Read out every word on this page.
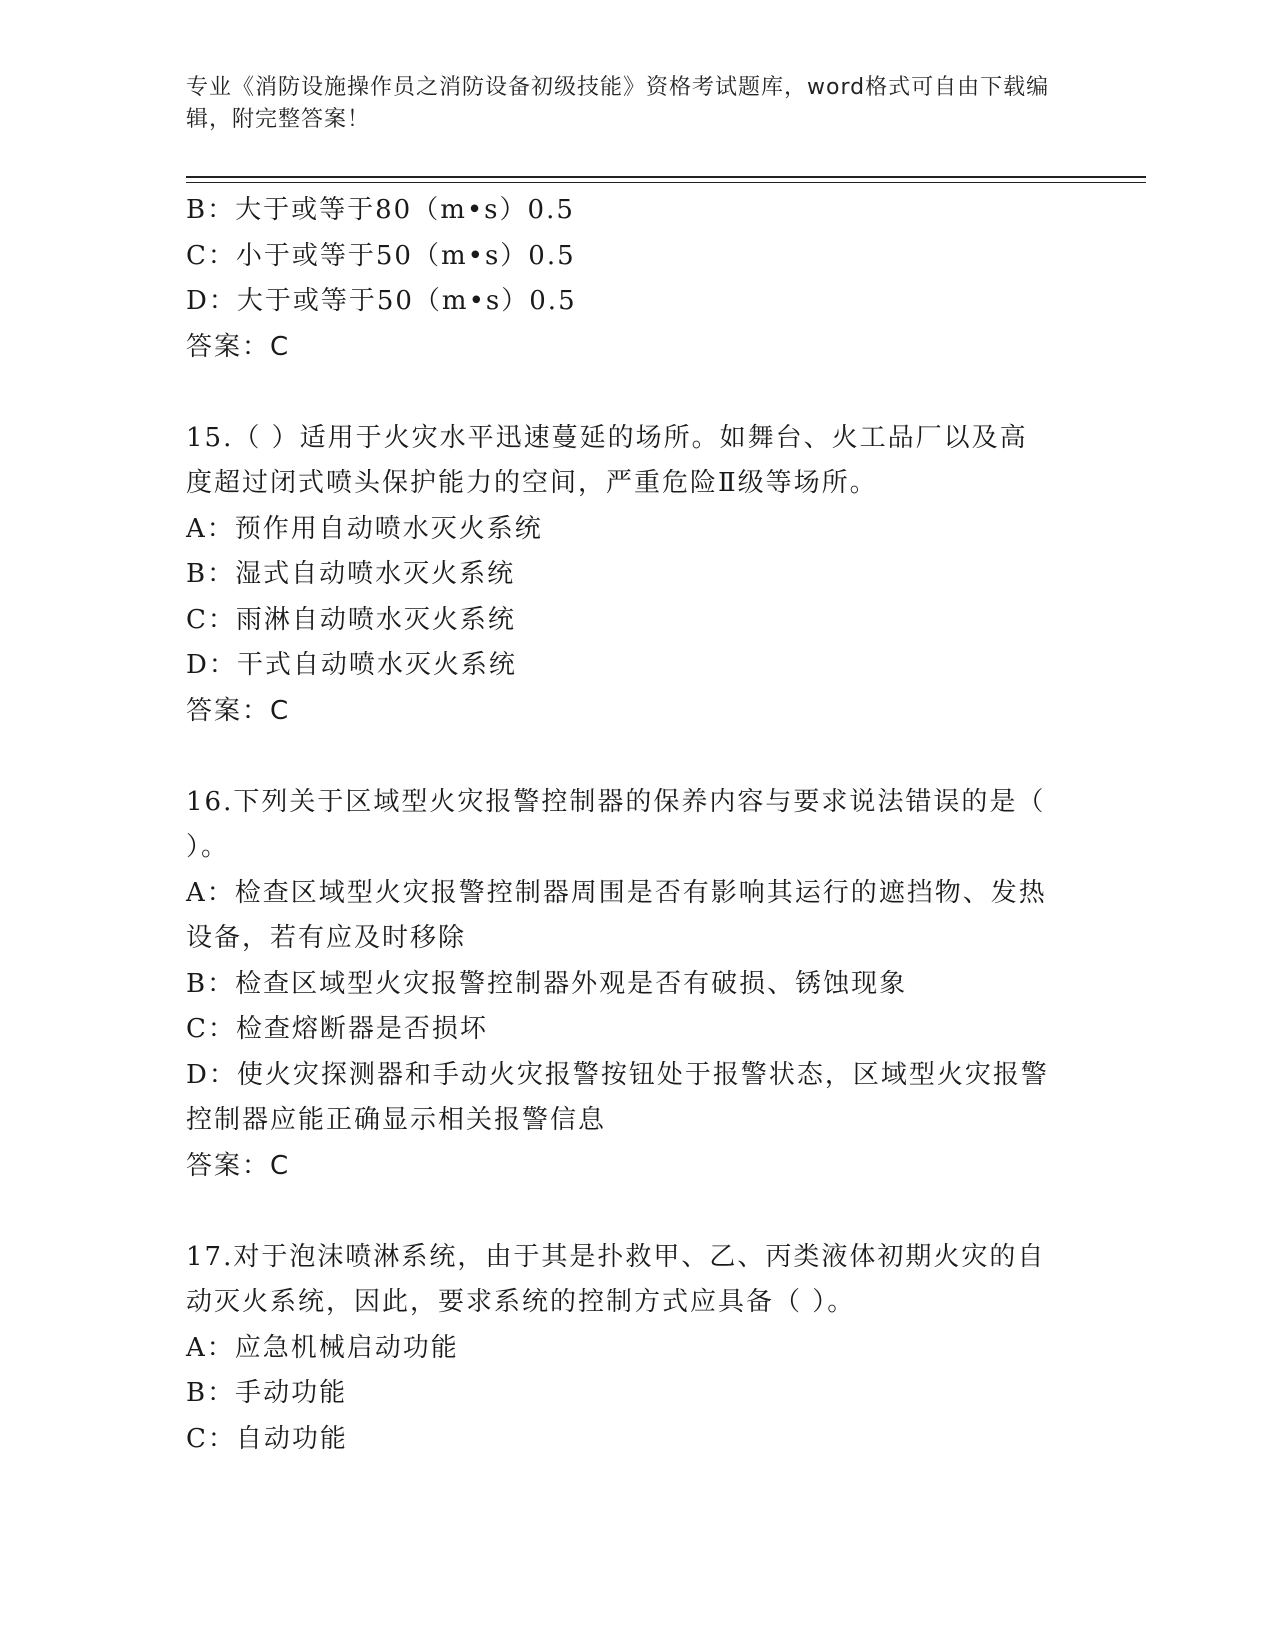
专业《消防设施操作员之消防设备初级技能》资格考试题库，word格式可自由下载编辑，附完整答案！
B：大于或等于80（m•s）0.5
C：小于或等于50（m•s）0.5
D：大于或等于50（m•s）0.5
答案：C
15.（ ）适用于火灾水平迅速蔓延的场所。如舞台、火工品厂以及高
度超过闭式喷头保护能力的空间，严重危险Ⅱ级等场所。
A：预作用自动喷水灭火系统
B：湿式自动喷水灭火系统
C：雨淋自动喷水灭火系统
D：干式自动喷水灭火系统
答案：C
16.下列关于区域型火灾报警控制器的保养内容与要求说法错误的是（
）。
A：检查区域型火灾报警控制器周围是否有影响其运行的遮挡物、发热
设备，若有应及时移除
B：检查区域型火灾报警控制器外观是否有破损、锈蚀现象
C：检查熔断器是否损坏
D：使火灾探测器和手动火灾报警按钮处于报警状态，区域型火灾报警
控制器应能正确显示相关报警信息
答案：C
17.对于泡沫喷淋系统，由于其是扑救甲、乙、丙类液体初期火灾的自
动灭火系统，因此，要求系统的控制方式应具备（ ）。
A：应急机械启动功能
B：手动功能
C：自动功能
